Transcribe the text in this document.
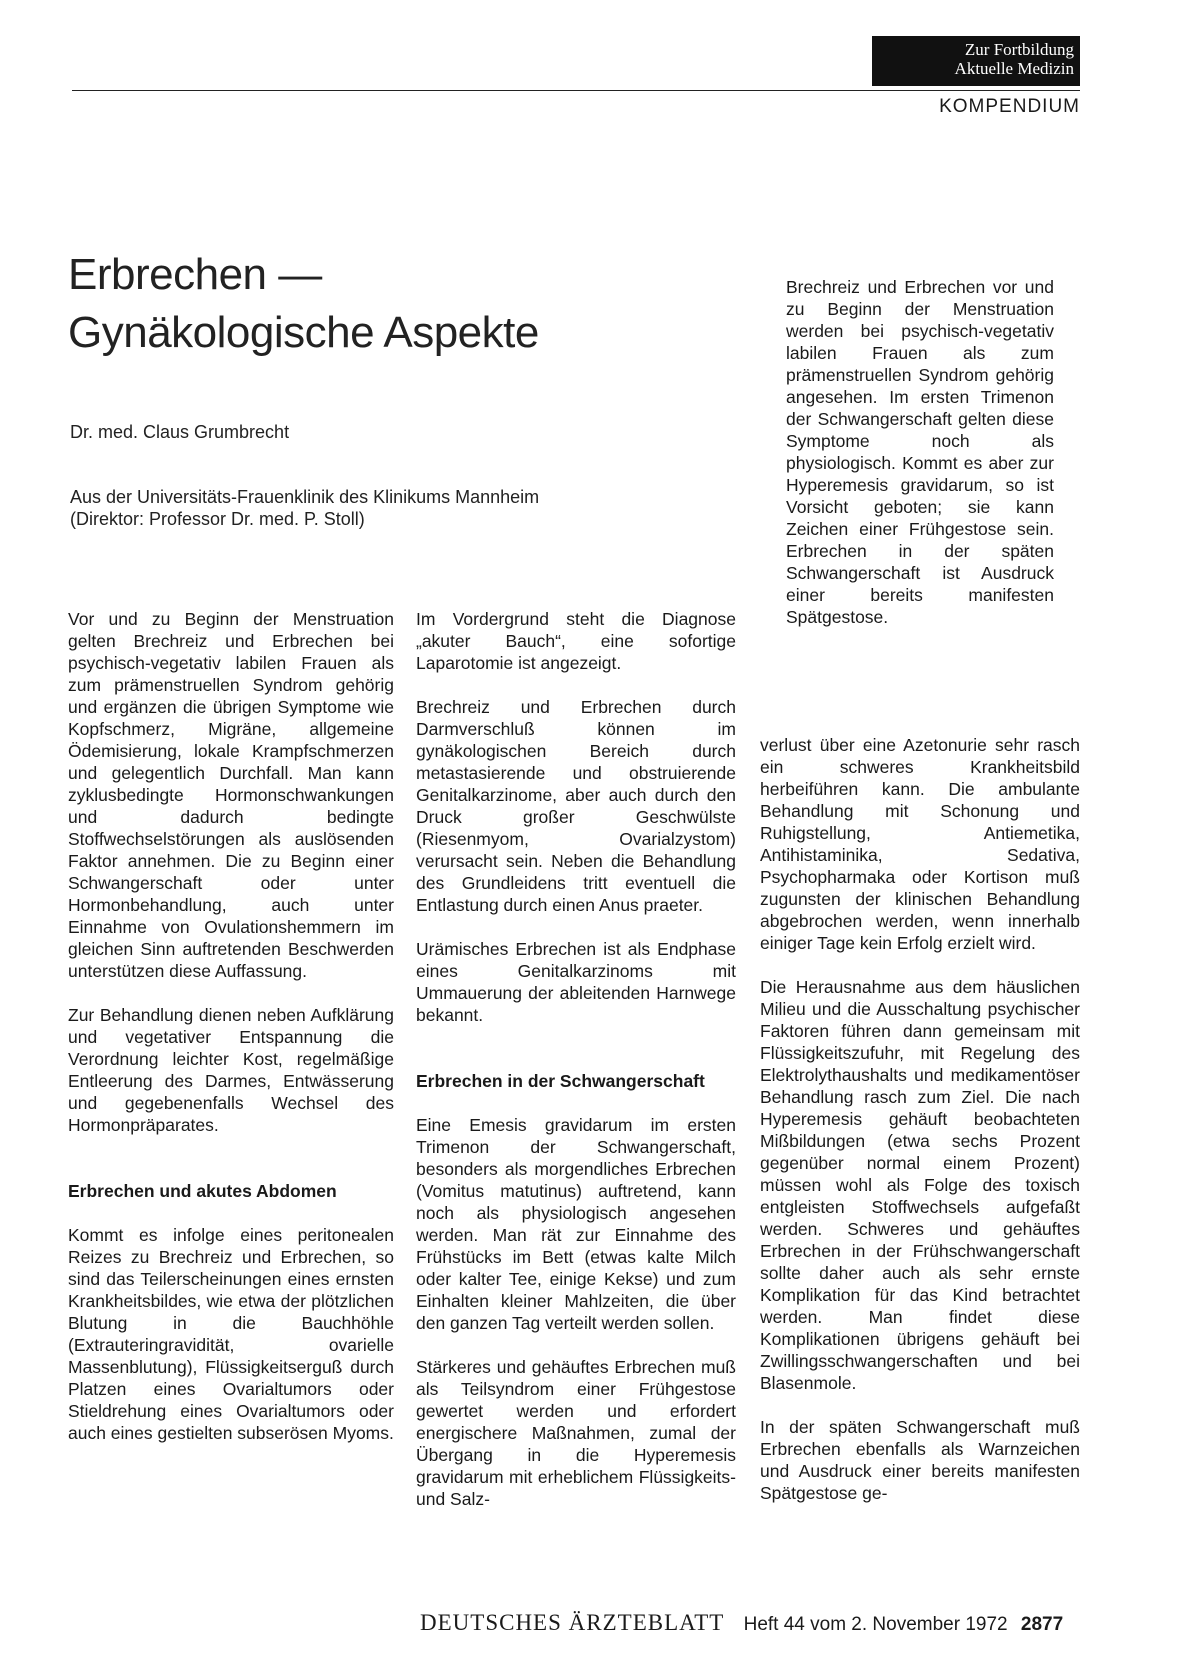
Zur Fortbildung
Aktuelle Medizin
KOMPENDIUM
Erbrechen —
Gynäkologische Aspekte
Dr. med. Claus Grumbrecht
Aus der Universitäts-Frauenklinik des Klinikums Mannheim
(Direktor: Professor Dr. med. P. Stoll)

Vor und zu Beginn der Menstruation gelten Brechreiz und Erbrechen bei psychisch-vegetativ labilen Frauen als zum prämenstruellen Syndrom gehörig und ergänzen die übrigen Symptome wie Kopfschmerz, Migräne, allgemeine Ödemisierung, lokale Krampfschmerzen und gelegentlich Durchfall. Man kann zyklusbedingte Hormonschwankungen und dadurch bedingte Stoffwechselstörungen als auslösenden Faktor annehmen. Die zu Beginn einer Schwangerschaft oder unter Hormonbehandlung, auch unter Einnahme von Ovulationshemmern im gleichen Sinn auftretenden Beschwerden unterstützen diese Auffassung.

Zur Behandlung dienen neben Aufklärung und vegetativer Entspannung die Verordnung leichter Kost, regelmäßige Entleerung des Darmes, Entwässerung und gegebenenfalls Wechsel des Hormonpräparates.

Erbrechen und akutes Abdomen

Kommt es infolge eines peritonealen Reizes zu Brechreiz und Erbrechen, so sind das Teilerscheinungen eines ernsten Krankheitsbildes, wie etwa der plötzlichen Blutung in die Bauchhöhle (Extrauteringravidität, ovarielle Massenblutung), Flüssigkeitserguß durch Platzen eines Ovarialtumors oder Stieldrehung eines Ovarialtumors oder auch eines gestielten subserösen Myoms.

Im Vordergrund steht die Diagnose „akuter Bauch“, eine sofortige Laparotomie ist angezeigt.

Brechreiz und Erbrechen durch Darmverschluß können im gynäkologischen Bereich durch metastasierende und obstruierende Genitalkarzinome, aber auch durch den Druck großer Geschwülste (Riesenmyom, Ovarialzystom) verursacht sein. Neben die Behandlung des Grundleidens tritt eventuell die Entlastung durch einen Anus praeter.

Urämisches Erbrechen ist als Endphase eines Genitalkarzinoms mit Ummauerung der ableitenden Harnwege bekannt.

Erbrechen in der Schwangerschaft

Eine Emesis gravidarum im ersten Trimenon der Schwangerschaft, besonders als morgendliches Erbrechen (Vomitus matutinus) auftretend, kann noch als physiologisch angesehen werden. Man rät zur Einnahme des Frühstücks im Bett (etwas kalte Milch oder kalter Tee, einige Kekse) und zum Einhalten kleiner Mahlzeiten, die über den ganzen Tag verteilt werden sollen.

Stärkeres und gehäuftes Erbrechen muß als Teilsyndrom einer Frühgestose gewertet werden und erfordert energischere Maßnahmen, zumal der Übergang in die Hyperemesis gravidarum mit erheblichem Flüssigkeits- und Salz-

Brechreiz und Erbrechen vor und zu Beginn der Menstruation werden bei psychisch-vegetativ labilen Frauen als zum prämenstruellen Syndrom gehörig angesehen. Im ersten Trimenon der Schwangerschaft gelten diese Symptome noch als physiologisch. Kommt es aber zur Hyperemesis gravidarum, so ist Vorsicht geboten; sie kann Zeichen einer Frühgestose sein. Erbrechen in der späten Schwangerschaft ist Ausdruck einer bereits manifesten Spätgestose.

verlust über eine Azetonurie sehr rasch ein schweres Krankheitsbild herbeiführen kann. Die ambulante Behandlung mit Schonung und Ruhigstellung, Antiemetika, Antihistaminika, Sedativa, Psychopharmaka oder Kortison muß zugunsten der klinischen Behandlung abgebrochen werden, wenn innerhalb einiger Tage kein Erfolg erzielt wird.

Die Herausnahme aus dem häuslichen Milieu und die Ausschaltung psychischer Faktoren führen dann gemeinsam mit Flüssigkeitszufuhr, mit Regelung des Elektrolythaushalts und medikamentöser Behandlung rasch zum Ziel. Die nach Hyperemesis gehäuft beobachteten Mißbildungen (etwa sechs Prozent gegenüber normal einem Prozent) müssen wohl als Folge des toxisch entgleisten Stoffwechsels aufgefaßt werden. Schweres und gehäuftes Erbrechen in der Frühschwangerschaft sollte daher auch als sehr ernste Komplikation für das Kind betrachtet werden. Man findet diese Komplikationen übrigens gehäuft bei Zwillingsschwangerschaften und bei Blasenmole.

In der späten Schwangerschaft muß Erbrechen ebenfalls als Warnzeichen und Ausdruck einer bereits manifesten Spätgestose ge-

DEUTSCHES ÄRZTEBLATT Heft 44 vom 2. November 1972 2877
